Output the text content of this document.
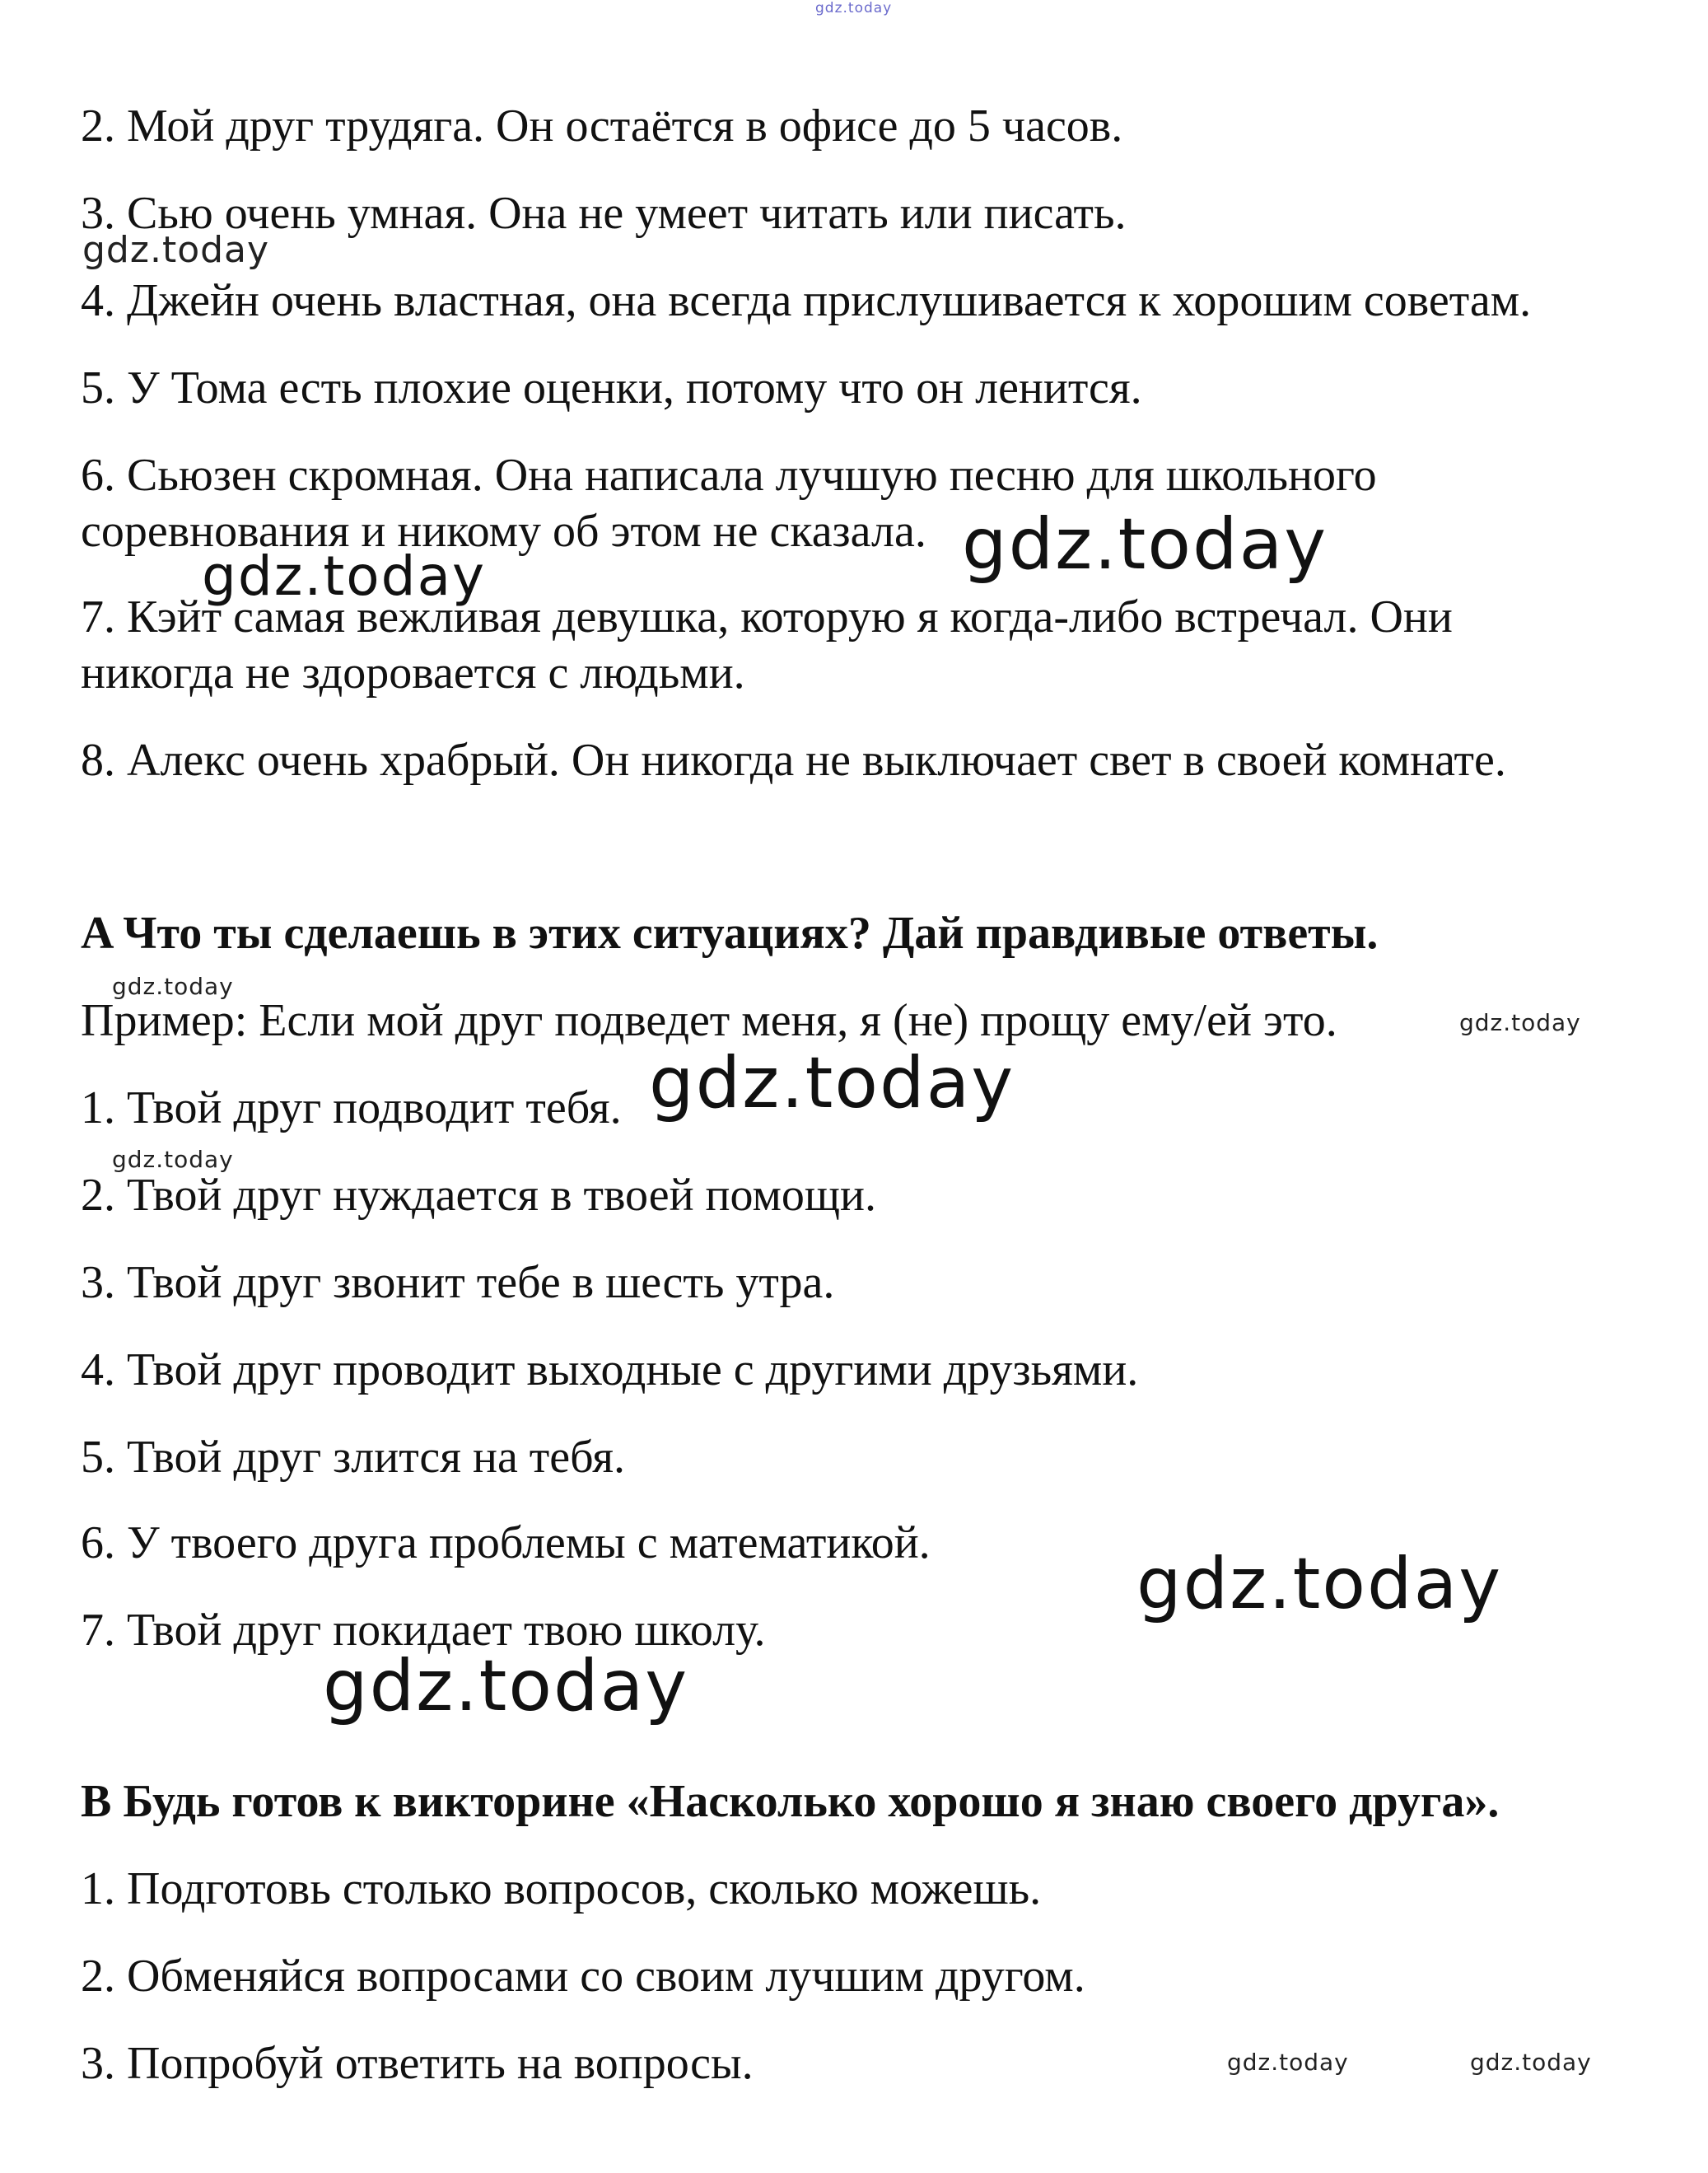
gdz.today
gdz.today
gdz.today
gdz.today
gdz.today
gdz.today
gdz.today
gdz.today
gdz.today
gdz.today
gdz.today	gdz.today

2. Мой друг трудяга. Он остаётся в офисе до 5 часов.

3. Сью очень умная. Она не умеет читать или писать.

4. Джейн очень властная, она всегда прислушивается к хорошим советам.

5. У Тома есть плохие оценки, потому что он ленится.

6. Сьюзен скромная. Она написала лучшую песню для школьного

соревнования и никому об этом не сказала.

7. Кэйт самая вежливая девушка, которую я когда-либо встречал. Они

никогда не здоровается с людьми.

8. Алекс очень храбрый. Он никогда не выключает свет в своей комнате.

A Что ты сделаешь в этих ситуациях? Дай правдивые ответы.

Пример: Если мой друг подведет меня, я (не) прощу ему/ей это.

1. Твой друг подводит тебя.

2. Твой друг нуждается в твоей помощи.

3. Твой друг звонит тебе в шесть утра.

4. Твой друг проводит выходные с другими друзьями.

5. Твой друг злится на тебя.

6. У твоего друга проблемы с математикой.

7. Твой друг покидает твою школу.

B Будь готов к викторине «Насколько хорошо я знаю своего друга».

1. Подготовь столько вопросов, сколько можешь.

2. Обменяйся вопросами со своим лучшим другом.

3. Попробуй ответить на вопросы.
